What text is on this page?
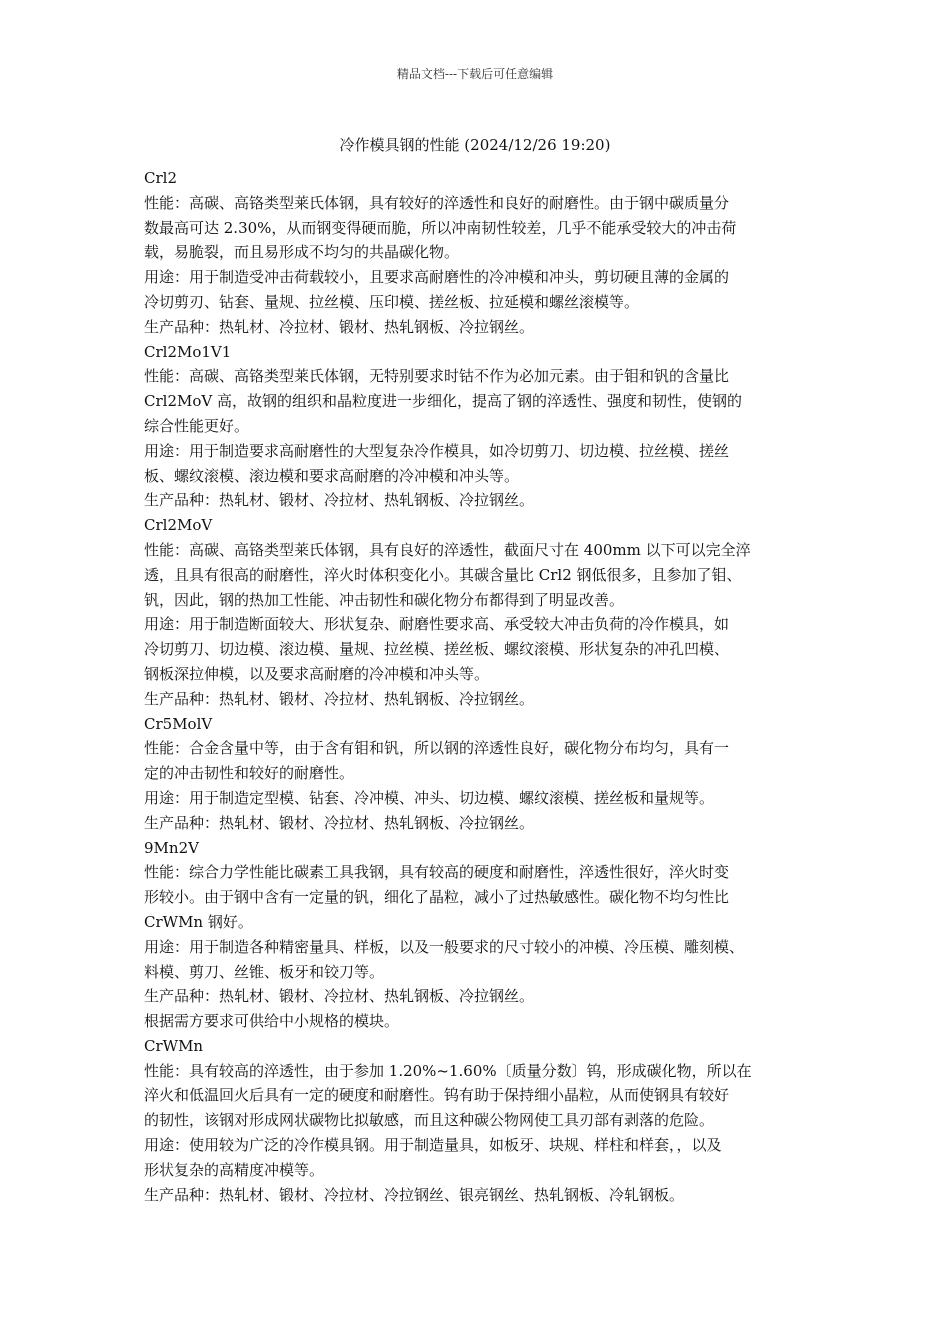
精品文档---下载后可任意编辑
冷作模具钢的性能 (2024/12/26 19:20)
Crl2
性能：高碳、高铬类型莱氏体钢，具有较好的淬透性和良好的耐磨性。由于钢中碳质量分
数最高可达 2.30%，从而钢变得硬而脆，所以冲南韧性较差，几乎不能承受较大的冲击荷
载，易脆裂，而且易形成不均匀的共晶碳化物。
用途：用于制造受冲击荷载较小，且要求高耐磨性的冷冲模和冲头，剪切硬且薄的金属的
冷切剪刃、钻套、量规、拉丝模、压印模、搓丝板、拉延模和螺丝滚模等。
生产品种：热轧材、冷拉材、锻材、热轧钢板、冷拉钢丝。
Crl2Mo1V1
性能：高碳、高铬类型莱氏体钢，无特别要求时钴不作为必加元素。由于钼和钒的含量比
Crl2MoV 高，故钢的组织和晶粒度进一步细化，提高了钢的淬透性、强度和韧性，使钢的
综合性能更好。
用途：用于制造要求高耐磨性的大型复杂冷作模具，如冷切剪刀、切边模、拉丝模、搓丝
板、螺纹滚模、滚边模和要求高耐磨的冷冲模和冲头等。
生产品种：热轧材、锻材、冷拉材、热轧钢板、冷拉钢丝。
Crl2MoV
性能：高碳、高铬类型莱氏体钢，具有良好的淬透性，截面尺寸在 400mm 以下可以完全淬
透，且具有很高的耐磨性，淬火时体积变化小。其碳含量比 Crl2 钢低很多，且参加了钼、
钒，因此，钢的热加工性能、冲击韧性和碳化物分布都得到了明显改善。
用途：用于制造断面较大、形状复杂、耐磨性要求高、承受较大冲击负荷的冷作模具，如
冷切剪刀、切边模、滚边模、量规、拉丝模、搓丝板、螺纹滚模、形状复杂的冲孔凹模、
钢板深拉伸模，以及要求高耐磨的冷冲模和冲头等。
生产品种：热轧材、锻材、冷拉材、热轧钢板、冷拉钢丝。
Cr5MolV
性能：合金含量中等，由于含有钼和钒，所以钢的淬透性良好，碳化物分布均匀，具有一
定的冲击韧性和较好的耐磨性。
用途：用于制造定型模、钻套、冷冲模、冲头、切边模、螺纹滚模、搓丝板和量规等。
生产品种：热轧材、锻材、冷拉材、热轧钢板、冷拉钢丝。
9Mn2V
性能：综合力学性能比碳素工具我钢，具有较高的硬度和耐磨性，淬透性很好，淬火时变
形较小。由于钢中含有一定量的钒，细化了晶粒，减小了过热敏感性。碳化物不均匀性比
CrWMn 钢好。
用途：用于制造各种精密量具、样板，以及一般要求的尺寸较小的冲模、冷压模、雕刻模、
料模、剪刀、丝锥、板牙和铰刀等。
生产品种：热轧材、锻材、冷拉材、热轧钢板、冷拉钢丝。
根据需方要求可供给中小规格的模块。
CrWMn
性能：具有较高的淬透性，由于参加 1.20%~1.60%〔质量分数〕钨，形成碳化物，所以在
淬火和低温回火后具有一定的硬度和耐磨性。钨有助于保持细小晶粒，从而使钢具有较好
的韧性，该钢对形成网状碳物比拟敏感，而且这种碳公物网使工具刃部有剥落的危险。
用途：使用较为广泛的冷作模具钢。用于制造量具，如板牙、块规、样柱和样套，，以及
形状复杂的高精度冲模等。
生产品种：热轧材、锻材、冷拉材、冷拉钢丝、银亮钢丝、热轧钢板、冷轧钢板。
